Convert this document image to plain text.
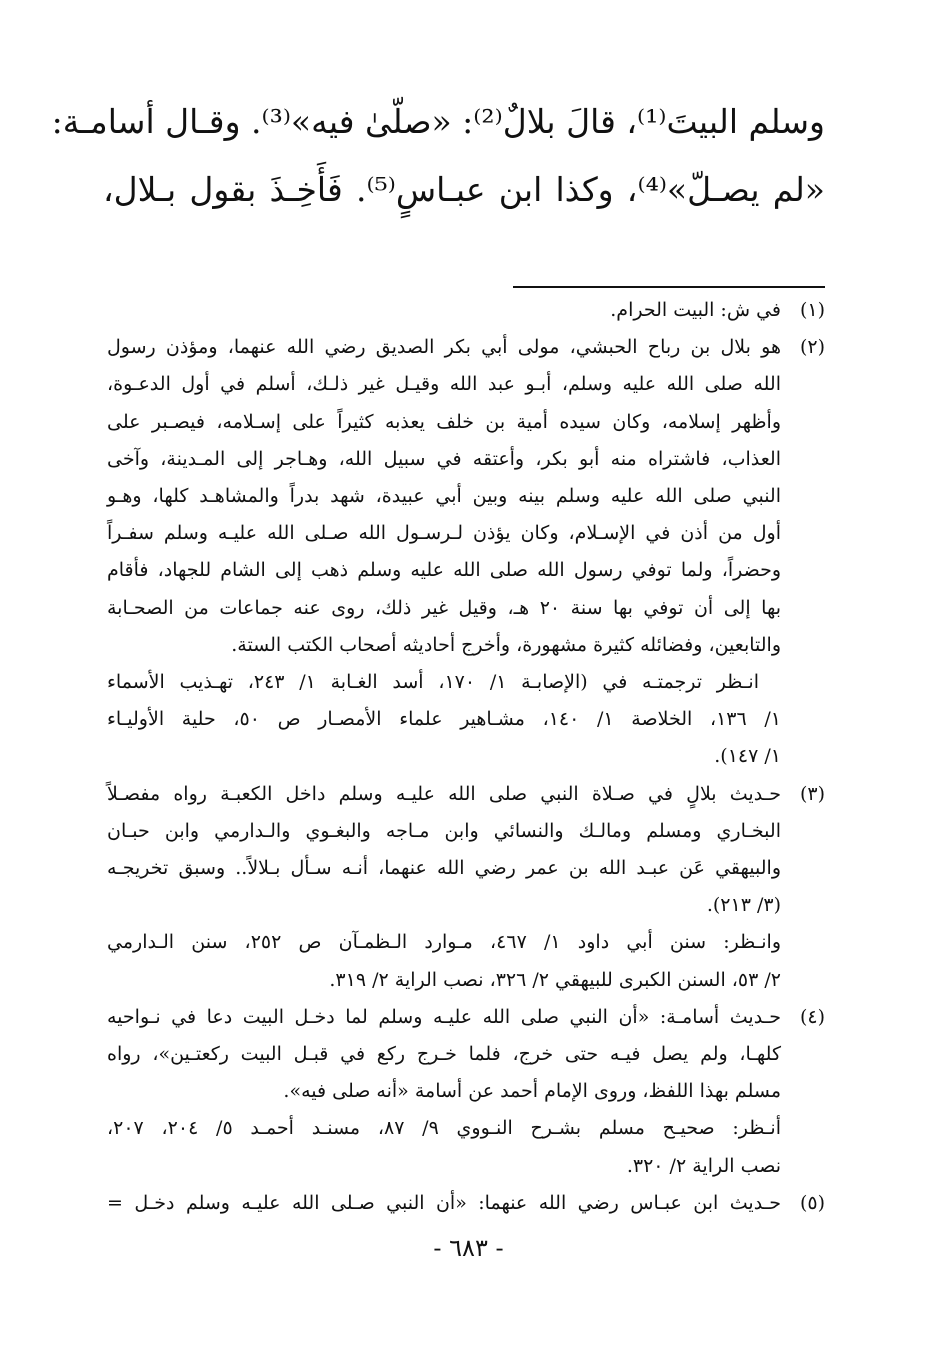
وسلم البيتَ⁽¹⁾، قالَ بلالٌ⁽²⁾: «صلّىٰ فيه»⁽³⁾. وقـال أسامـة:
«لم يصـلّ»⁽⁴⁾، وكذا ابن عبـاسٍ⁽⁵⁾. فَأَخِـذَ بقول بـلال،
(١)
في ش: البيت الحرام.
(٢)
هو بلال بن رباح الحبشي، مولى أبي بكر الصديق رضي الله عنهما، ومؤذن رسول
الله صلى الله عليه وسلم، أبـو عبد الله وقيـل غير ذلـك، أسلم في أول الدعـوة،
وأظهر إسلامه، وكان سيده أمية بن خلف يعذبه كثيراً على إسـلامه، فيصـبر على
العذاب، فاشتراه منه أبو بكر، وأعتقه في سبيل الله، وهـاجر إلى المـدينة، وآخى
النبي صلى الله عليه وسلم بينه وبين أبي عبيدة، شهد بدراً والمشاهـد كلها، وهـو
أول من أذن في الإسـلام، وكان يؤذن لـرسـول الله صـلى الله عليـه وسلم سفـراً
وحضراً، ولما توفي رسول الله صلى الله عليه وسلم ذهب إلى الشام للجهاد، فأقام
بها إلى أن توفي بها سنة ٢٠ هـ، وقيل غير ذلك، روى عنه جماعات من الصحـابة
والتابعين، وفضائله كثيرة مشهورة، وأخرج أحاديثه أصحاب الكتب الستة.
انـظر ترجمتـه في (الإصابـة ١/ ١٧٠، أسد الغـابة ١/ ٢٤٣، تهـذيب الأسماء
١/ ١٣٦، الخلاصة ١/ ١٤٠، مشـاهير علماء الأمصـار ص ٥٠، حلية الأوليـاء
١/ ١٤٧).
(٣)
حـديث بلالٍ في صـلاة النبي صلى الله عليـه وسلم داخل الكعبـة رواه مفصـلاً
البخـاري ومسلم ومالـك والنسائي وابن مـاجه والبغـوي والـدارمي وابن حبـان
والبيهقي عَن عبـد الله بن عمر رضي الله عنهما، أنـه سـأل بـلالاً.. وسبق تخريجـه
(٣/ ٢١٣).
وانـظر: سنن أبي داود ١/ ٤٦٧، مـوارد الـظمـآن ص ٢٥٢، سنن الـدارمي
٢/ ٥٣، السنن الكبرى للبيهقي ٢/ ٣٢٦، نصب الراية ٢/ ٣١٩.
(٤)
حـديث أسامـة: «أن النبي صلى الله عليـه وسلم لما دخـل البيت دعا في نـواحيه
كلهـا، ولم يصل فيـه حتى خرج، فلما خـرج ركع في قبـل البيت ركعتـين»، رواه
مسلم بهذا اللفظ، وروى الإمام أحمد عن أسامة «أنه صلى فيه».
أنـظر: صحيـح مسلم بشـرح النـووي ٩/ ٨٧، مسنـد أحمـد ٥/ ٢٠٤، ٢٠٧،
نصب الراية ٢/ ٣٢٠.
(٥)
حـديث ابن عبـاس رضي الله عنهما: «أن النبي صـلى الله عليـه وسلم دخـل =
- ٦٨٣ -
